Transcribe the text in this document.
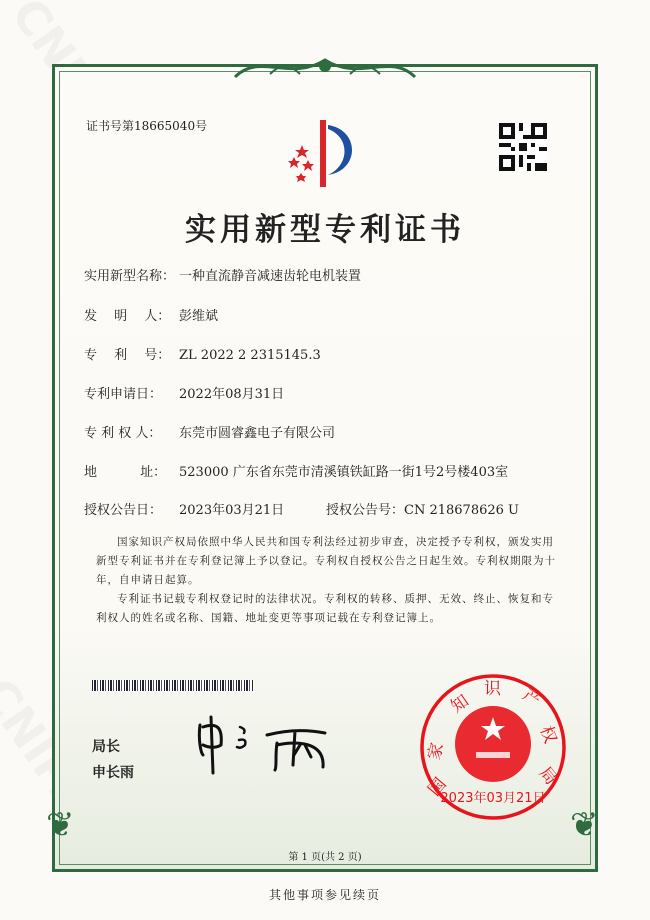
❦	❦
证书号第18665040号
实用新型专利证书
实用新型名称： 一种直流静音减速齿轮电机装置
发　 明　 人： 彭维斌
专　 利　 号： ZL 2022 2 2315145.3
专利申请日： 2022年08月31日
专 利 权 人： 东莞市圆睿鑫电子有限公司
地　　　 址： 523000 广东省东莞市清溪镇铁缸路一街1号2号楼403室
授权公告日： 2023年03月21日	授权公告号：CN 218678626 U
国家知识产权局依照中华人民共和国专利法经过初步审查，决定授予专利权，颁发实用新型专利证书并在专利登记簿上予以登记。专利权自授权公告之日起生效。专利权期限为十年，自申请日起算。
专利证书记载专利权登记时的法律状况。专利权的转移、质押、无效、终止、恢复和专利权人的姓名或名称、国籍、地址变更等事项记载在专利登记簿上。
局长
申长雨
国
家
知
识 产
权
局
2023年03月21日
第 1 页(共 2 页)
其他事项参见续页
